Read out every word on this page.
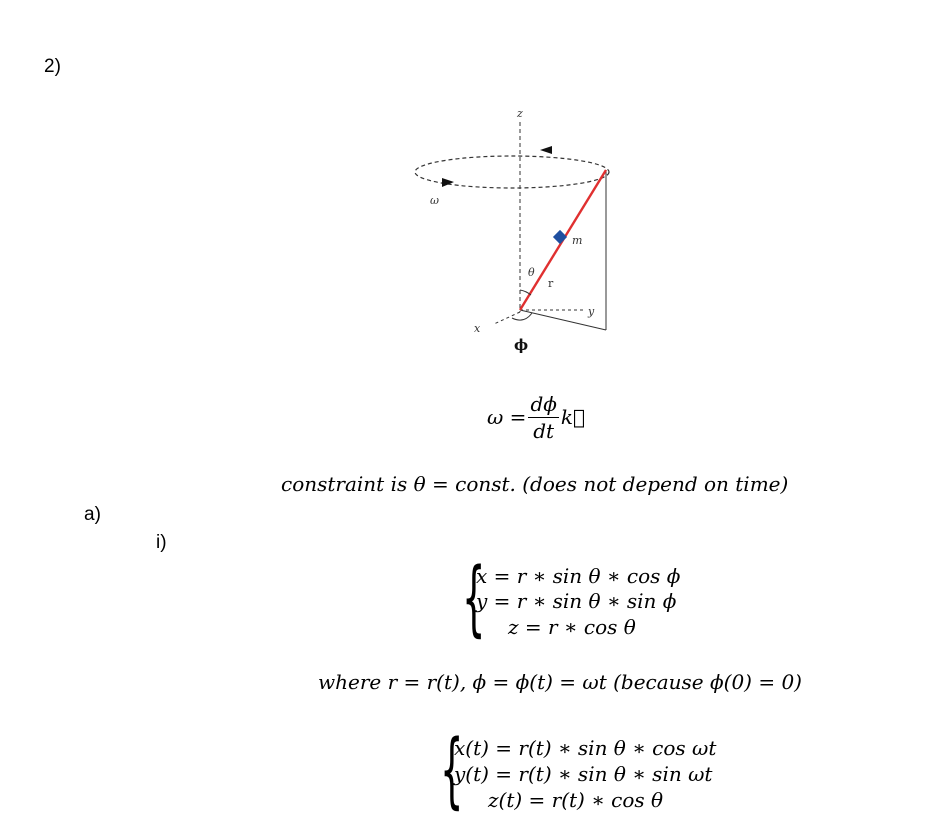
2)
a)
i)
z
x
y
ω
m
θ
r
ϕ
$\omega = \frac{d\phi}{dt}$ k⃗
constraint is θ = const. (does not depend on time)
{
x = r ∗ sin θ ∗ cos ϕ
y = r ∗ sin θ ∗ sin ϕ
z = r ∗ cos θ
where r = r(t), ϕ = ϕ(t) = ωt (because ϕ(0) = 0)
{
x(t) = r(t) ∗ sin θ ∗ cos ωt
y(t) = r(t) ∗ sin θ ∗ sin ωt
z(t) = r(t) ∗ cos θ
